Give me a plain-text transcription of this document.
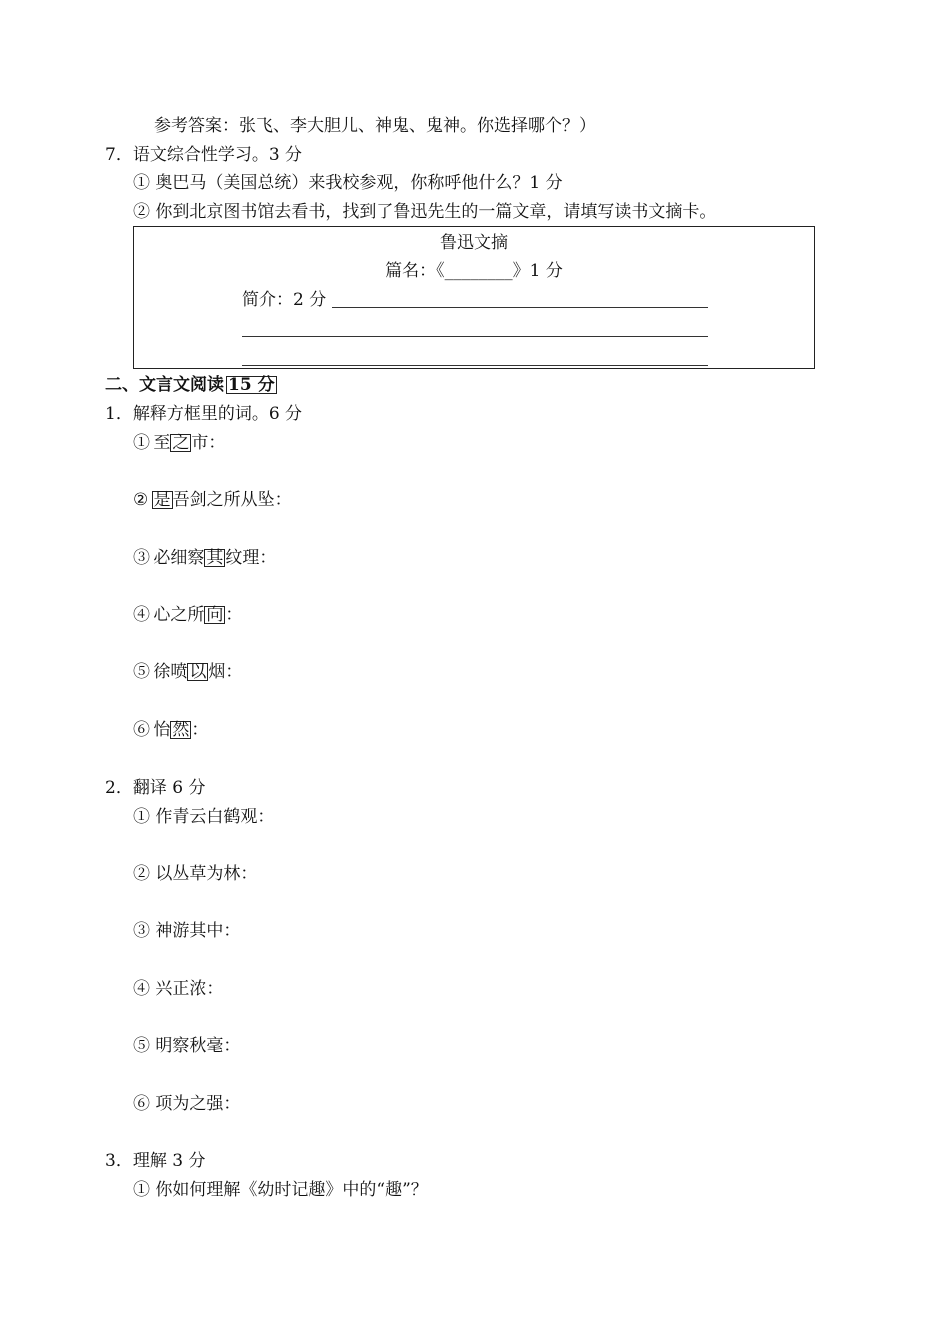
参考答案：张飞、李大胆儿、神鬼、鬼神。你选择哪个？）
7．语文综合性学习。3 分
① 奥巴马（美国总统）来我校参观，你称呼他什么？1 分
② 你到北京图书馆去看书，找到了鲁迅先生的一篇文章，请填写读书文摘卡。
鲁迅文摘
篇名：《________》1 分
简介：2 分
二、文言文阅读 15 分
1．解释方框里的词。6 分
①  至 之 市：
②  是 吾剑之所从坠：
③  必细察 其 纹理：
④  心之所 向 ：
⑤  徐喷 以 烟：
⑥  怡 然 ：
2．翻译 6 分
① 作青云白鹤观：
② 以丛草为林：
③ 神游其中：
④ 兴正浓：
⑤ 明察秋毫：
⑥ 项为之强：
3．理解 3 分
① 你如何理解《幼时记趣》中的“趣”？
